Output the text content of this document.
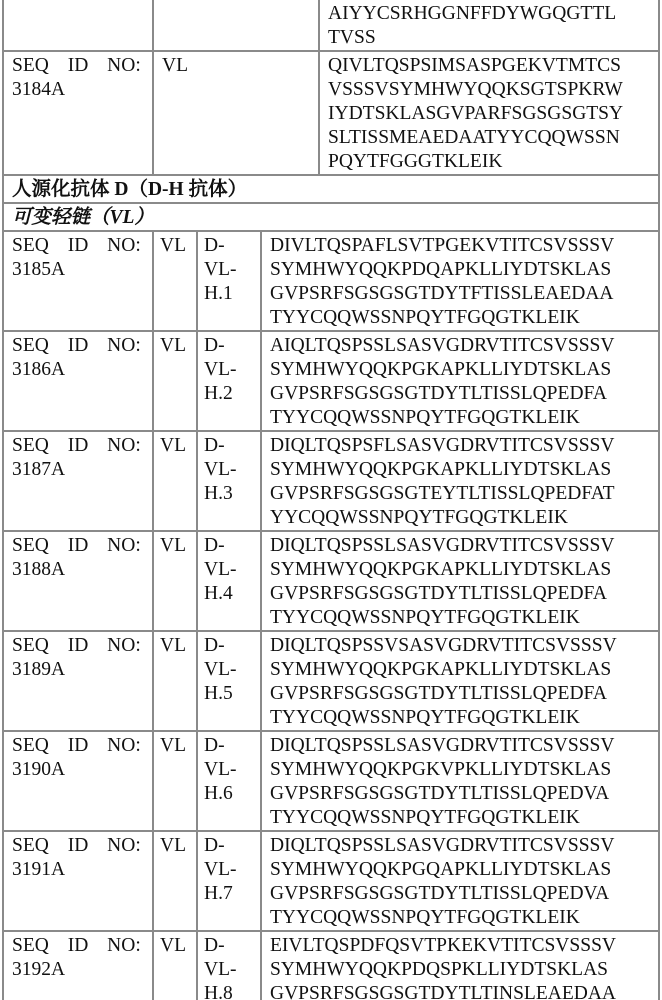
AIYYCSRHGGNFFDYWGQGTTL
TVSS

SEQ ID NO:
3184A
	VL	QIVLTQSPSIMSASPGEKVTMTCS
VSSSVSYMHWYQQKSGTSPKRW
IYDTSKLASGVPARFSGSGSGTSY
SLTISSMEAEDAATYYCQQWSSN
PQYTFGGGTKLEIK

人源化抗体 D（D-H 抗体）
可变轻链（VL）
SEQ ID NO:
3185A
	VL	D-
VL-
H.1

DIVLTQSPAFLSVTPGEKVTITCSVSSSV
SYMHWYQQKPDQAPKLLIYDTSKLAS
GVPSRFSGSGSGTDYTFTISSLEAEDAA
TYYCQQWSSNPQYTFGQGTKLEIK

SEQ ID NO:
3186A
	VL	D-
VL-
H.2

AIQLTQSPSSLSASVGDRVTITCSVSSSV
SYMHWYQQKPGKAPKLLIYDTSKLAS
GVPSRFSGSGSGTDYTLTISSLQPEDFA
TYYCQQWSSNPQYTFGQGTKLEIK

SEQ ID NO:
3187A
	VL	D-
VL-
H.3

DIQLTQSPSFLSASVGDRVTITCSVSSSV
SYMHWYQQKPGKAPKLLIYDTSKLAS
GVPSRFSGSGSGTEYTLTISSLQPEDFAT
YYCQQWSSNPQYTFGQGTKLEIK

SEQ ID NO:
3188A
	VL	D-
VL-
H.4

DIQLTQSPSSLSASVGDRVTITCSVSSSV
SYMHWYQQKPGKAPKLLIYDTSKLAS
GVPSRFSGSGSGTDYTLTISSLQPEDFA
TYYCQQWSSNPQYTFGQGTKLEIK

SEQ ID NO:
3189A
	VL	D-
VL-
H.5

DIQLTQSPSSVSASVGDRVTITCSVSSSV
SYMHWYQQKPGKAPKLLIYDTSKLAS
GVPSRFSGSGSGTDYTLTISSLQPEDFA
TYYCQQWSSNPQYTFGQGTKLEIK

SEQ ID NO:
3190A
	VL	D-
VL-
H.6

DIQLTQSPSSLSASVGDRVTITCSVSSSV
SYMHWYQQKPGKVPKLLIYDTSKLAS
GVPSRFSGSGSGTDYTLTISSLQPEDVA
TYYCQQWSSNPQYTFGQGTKLEIK

SEQ ID NO:
3191A
	VL	D-
VL-
H.7

DIQLTQSPSSLSASVGDRVTITCSVSSSV
SYMHWYQQKPGQAPKLLIYDTSKLAS
GVPSRFSGSGSGTDYTLTISSLQPEDVA
TYYCQQWSSNPQYTFGQGTKLEIK

SEQ ID NO:
3192A
	VL	D-
VL-
H.8

EIVLTQSPDFQSVTPKEKVTITCSVSSSV
SYMHWYQQKPDQSPKLLIYDTSKLAS
GVPSRFSGSGSGTDYTLTINSLEAEDAA
